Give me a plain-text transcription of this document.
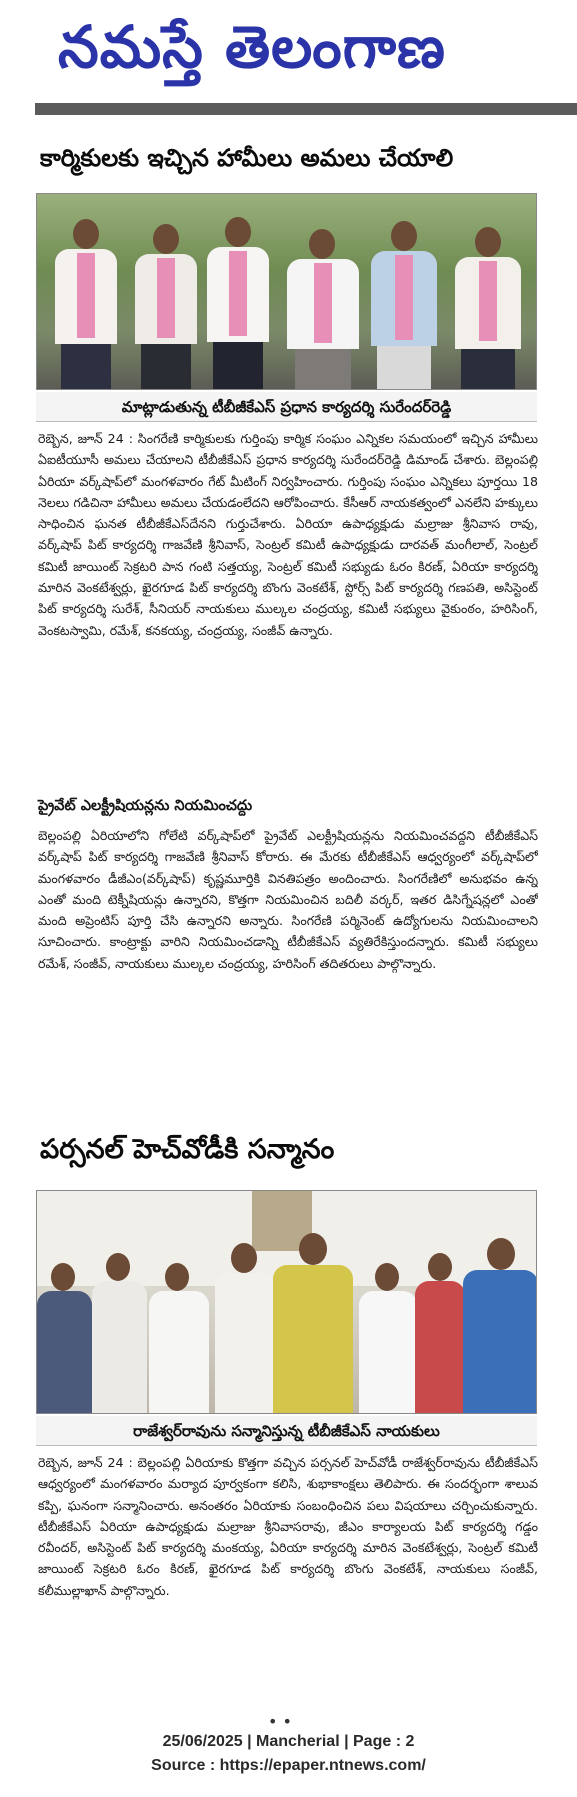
నమస్తే తెలంగాణ
కార్మికులకు ఇచ్చిన హామీలు అమలు చేయాలి
మాట్లాడుతున్న టీబీజీకేఎస్ ప్రధాన కార్యదర్శి సురేందర్‌రెడ్డి
రెబ్బెన, జూన్ 24 : సింగరేణి కార్మికులకు గుర్తింపు కార్మిక సంఘం ఎన్నికల సమయంలో ఇచ్చిన హామీలు ఏఐటీయూసీ అమలు చేయాలని టీబీజీకేఎస్ ప్రధాన కార్యదర్శి సురేందర్‌రెడ్డి డిమాండ్ చేశారు. బెల్లంపల్లి ఏరియా వర్క్‌షాప్‌లో మంగళవారం గేట్ మీటింగ్ నిర్వహించారు. గుర్తింపు సంఘం ఎన్నికలు పూర్తయి 18 నెలలు గడిచినా హామీలు అమలు చేయడంలేదని ఆరోపించారు. కేసీఆర్ నాయకత్వంలో ఎనలేని హక్కులు సాధించిన ఘనత టీబీజీకేఎస్‌దేనని గుర్తుచేశారు. ఏరియా ఉపాధ్యక్షుడు మల్రాజు శ్రీనివాస రావు, వర్క్‌షాప్ పిట్ కార్యదర్శి గాజవేణి శ్రీనివాస్, సెంట్రల్ కమిటీ ఉపాధ్యక్షుడు దారవత్ మంగీలాల్, సెంట్రల్ కమిటీ జాయింట్ సెక్రటరి పాన గంటి సత్తయ్య, సెంట్రల్ కమిటీ సభ్యుడు ఓరం కిరణ్, ఏరియా కార్యదర్శి మారిన వెంకటేశ్వర్లు, ఖైరగూడ పిట్ కార్యదర్శి బొంగు వెంకటేశ్, స్టోర్స్ పిట్ కార్యదర్శి గణపతి, అసిస్టెంట్ పిట్ కార్యదర్శి సురేశ్, సీనియర్ నాయకులు ముల్కల చంద్రయ్య, కమిటీ సభ్యులు వైకుంఠం, హరిసింగ్, వెంకటస్వామి, రమేశ్, కనకయ్య, చంద్రయ్య, సంజీవ్ ఉన్నారు.
ప్రైవేట్ ఎలక్ట్రీషియన్లను నియమించద్దు
బెల్లంపల్లి ఏరియాలోని గోలేటి వర్క్‌షాప్‌లో ప్రైవేట్ ఎలక్ట్రీషియన్లను నియమించవద్దని టీబీజీకేఎస్ వర్క్‌షాప్ పిట్ కార్యదర్శి గాజవేణి శ్రీనివాస్ కోరారు. ఈ మేరకు టీబీజీకేఎస్ ఆధ్వర్యంలో వర్క్‌షాప్‌లో మంగళవారం డీజీఎం(వర్క్‌షాప్) కృష్ణమూర్తికి వినతిపత్రం అందించారు. సింగరేణిలో అనుభవం ఉన్న ఎంతో మంది టెక్నీషియన్లు ఉన్నారని, కొత్తగా నియమించిన బదిలీ వర్కర్, ఇతర డిసిగ్నేషన్లలో ఎంతో మంది అప్రెంటిస్ పూర్తి చేసి ఉన్నారని అన్నారు. సింగరేణి పర్మినెంట్ ఉద్యోగులను నియమించాలని సూచించారు. కాంట్రాక్టు వారిని నియమించడాన్ని టీబీజీకేఎస్ వ్యతిరేకిస్తుందన్నారు. కమిటీ సభ్యులు రమేశ్, సంజీవ్, నాయకులు ముల్కల చంద్రయ్య, హరిసింగ్ తదితరులు పాల్గొన్నారు.
పర్సనల్ హెచ్‌వోడీకి సన్మానం
రాజేశ్వర్‌రావును సన్మానిస్తున్న టీబీజీకేఎస్ నాయకులు
రెబ్బెన, జూన్ 24 : బెల్లంపల్లి ఏరియాకు కొత్తగా వచ్చిన పర్సనల్ హెచ్‌వోడీ రాజేశ్వర్‌రావును టీబీజీకేఎస్ ఆధ్వర్యంలో మంగళవారం మర్యాద పూర్వకంగా కలిసి, శుభాకాంక్షలు తెలిపారు. ఈ సందర్భంగా శాలువ కప్పి, ఘనంగా సన్మానించారు. అనంతరం ఏరియాకు సంబంధించిన పలు విషయాలు చర్చించుకున్నారు. టీబీజీకేఎస్ ఏరియా ఉపాధ్యక్షుడు మల్రాజు శ్రీనివాసరావు, జీఎం కార్యాలయ పిట్ కార్యదర్శి గడ్డం రవీందర్, అసిస్టెంట్ పిట్ కార్యదర్శి మంకయ్య, ఏరియా కార్యదర్శి మారిన వెంకటేశ్వర్లు, సెంట్రల్ కమిటీ జాయింట్ సెక్రటరి ఓరం కిరణ్, ఖైరగూడ పిట్ కార్యదర్శి బొంగు వెంకటేశ్, నాయకులు సంజీవ్, కలీముల్లాఖాన్ పాల్గొన్నారు.
• •
25/06/2025 | Mancherial | Page : 2
Source : https://epaper.ntnews.com/
